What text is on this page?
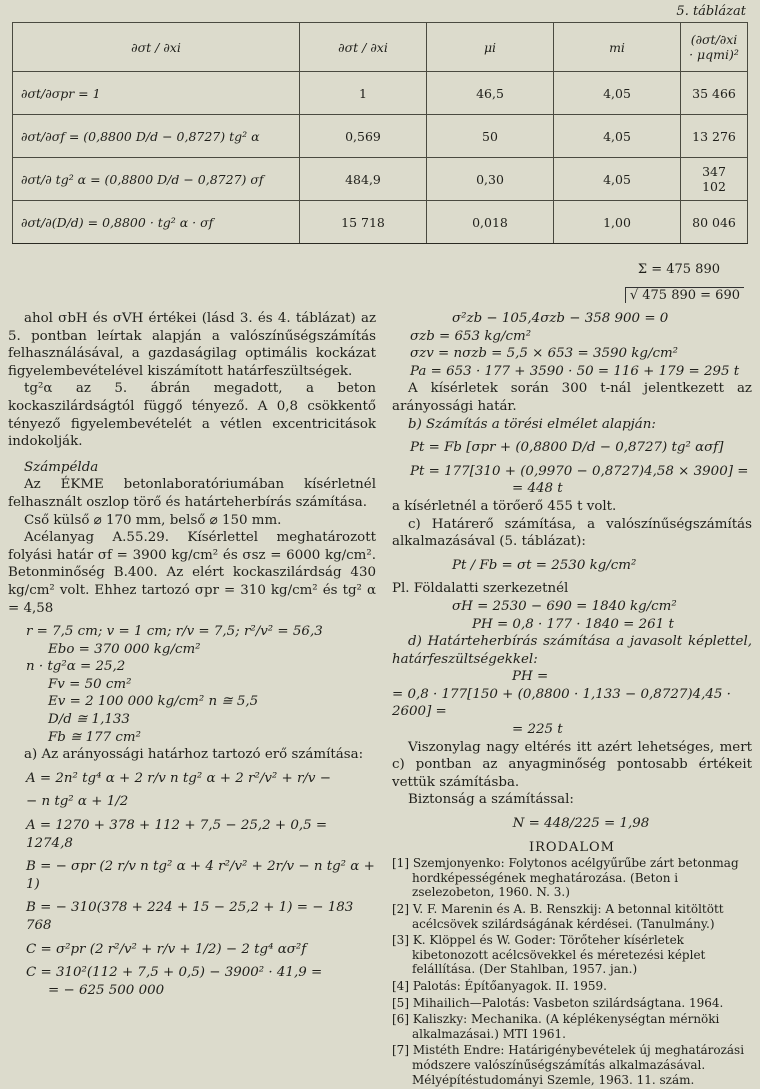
5. táblázat
∂σt / ∂xi	∂σt / ∂xi	μi	mi	(∂σt/∂xi · μqmi)²
∂σt/∂σpr = 1	1	46,5	4,05	35 466
∂σt/∂σf = (0,8800 D/d − 0,8727) tg² α	0,569	50	4,05	13 276
∂σt/∂ tg² α = (0,8800 D/d − 0,8727) σf	484,9	0,30	4,05	347 102
∂σt/∂(D/d) = 0,8800 · tg² α · σf	15 718	0,018	1,00	80 046
Σ = 475 890
√ 475 890 = 690

ahol σbH és σVH értékei (lásd 3. és 4. táblázat) az 5. pontban leírtak alapján a valószínűségszámítás felhasználásával, a gazdaságilag optimális kockázat figyelembevételével kiszámított határfeszültségek.

tg²α az 5. ábrán megadott, a beton kockaszilárdságtól függő tényező. A 0,8 csökkentő tényező figyelembevételét a vétlen excentricitások indokolják.

Számpélda

Az ÉKME betonlaboratóriumában kísérletnél felhasznált oszlop törő és határteherbírás számítása.

Cső külső ⌀ 170 mm, belső ⌀ 150 mm.

Acélanyag A.55.29. Kísérlettel meghatározott folyási határ σf = 3900 kg/cm² és σsz = 6000 kg/cm². Betonminőség B.400. Az elért kockaszilárdság 430 kg/cm² volt. Ehhez tartozó σpr = 310 kg/cm² és tg² α = 4,58

r = 7,5 cm; v = 1 cm; r/v = 7,5; r²/v² = 56,3

Ebo = 370 000 kg/cm²

n · tg²α = 25,2

Fv = 50 cm²

Ev = 2 100 000 kg/cm² n ≅ 5,5

D/d ≅ 1,133

Fb ≅ 177 cm²

a) Az arányossági határhoz tartozó erő számítása:

A = 2n² tg⁴ α + 2 r/v n tg² α + 2 r²/v² + r/v −

− n tg² α + 1/2

A = 1270 + 378 + 112 + 7,5 − 25,2 + 0,5 = 1274,8

B = − σpr (2 r/v n tg² α + 4 r²/v² + 2r/v − n tg² α + 1)

B = − 310(378 + 224 + 15 − 25,2 + 1) = − 183 768

C = σ²pr (2 r²/v² + r/v + 1/2) − 2 tg⁴ ασ²f

C = 310²(112 + 7,5 + 0,5) − 3900² · 41,9 =

= − 625 500 000

σ²zb − 105,4σzb − 358 900 = 0

σzb = 653 kg/cm²

σzv = nσzb = 5,5 × 653 = 3590 kg/cm²

Pa = 653 · 177 + 3590 · 50 = 116 + 179 = 295 t

A kísérletek során 300 t-nál jelentkezett az arányossági határ.

b) Számítás a törési elmélet alapján:

Pt = Fb [σpr + (0,8800 D/d − 0,8727) tg² ασf]

Pt = 177[310 + (0,9970 − 0,8727)4,58 × 3900] =

= 448 t

a kísérletnél a törőerő 455 t volt.

c) Határerő számítása, a valószínűségszámítás alkalmazásával (5. táblázat):

Pt / Fb = σt = 2530 kg/cm²

Pl. Földalatti szerkezetnél

σH = 2530 − 690 = 1840 kg/cm²

PH = 0,8 · 177 · 1840 = 261 t

d) Határteherbírás számítása a javasolt képlettel, határfeszültségekkel:

PH =

= 0,8 · 177[150 + (0,8800 · 1,133 − 0,8727)4,45 · 2600] =

= 225 t

Viszonylag nagy eltérés itt azért lehetséges, mert c) pontban az anyagminőség pontosabb értékeit vettük számításba.

Biztonság a számítással:

N = 448/225 = 1,98

IRODALOM

[1] Szemjonyenko: Folytonos acélgyűrűbe zárt betonmag hordképességének meghatározása. (Beton i zselezobeton, 1960. N. 3.)

[2] V. F. Marenin és A. B. Renszkij: A betonnal kitöltött acélcsövek szilárdságának kérdései. (Tanulmány.)

[3] K. Klöppel és W. Goder: Törőteher kísérletek kibetonozott acélcsövekkel és méretezési képlet felállítása. (Der Stahlban, 1957. jan.)

[4] Palotás: Építőanyagok. II. 1959.

[5] Mihailich—Palotás: Vasbeton szilárdságtana. 1964.

[6] Kaliszky: Mechanika. (A képlékenységtan mérnöki alkalmazásai.) MTI 1961.

[7] Mistéth Endre: Határigénybevételek új meghatározási módszere valószínűségszámítás alkalmazásával. Mélyépítéstudományi Szemle, 1963. 11. szám.
